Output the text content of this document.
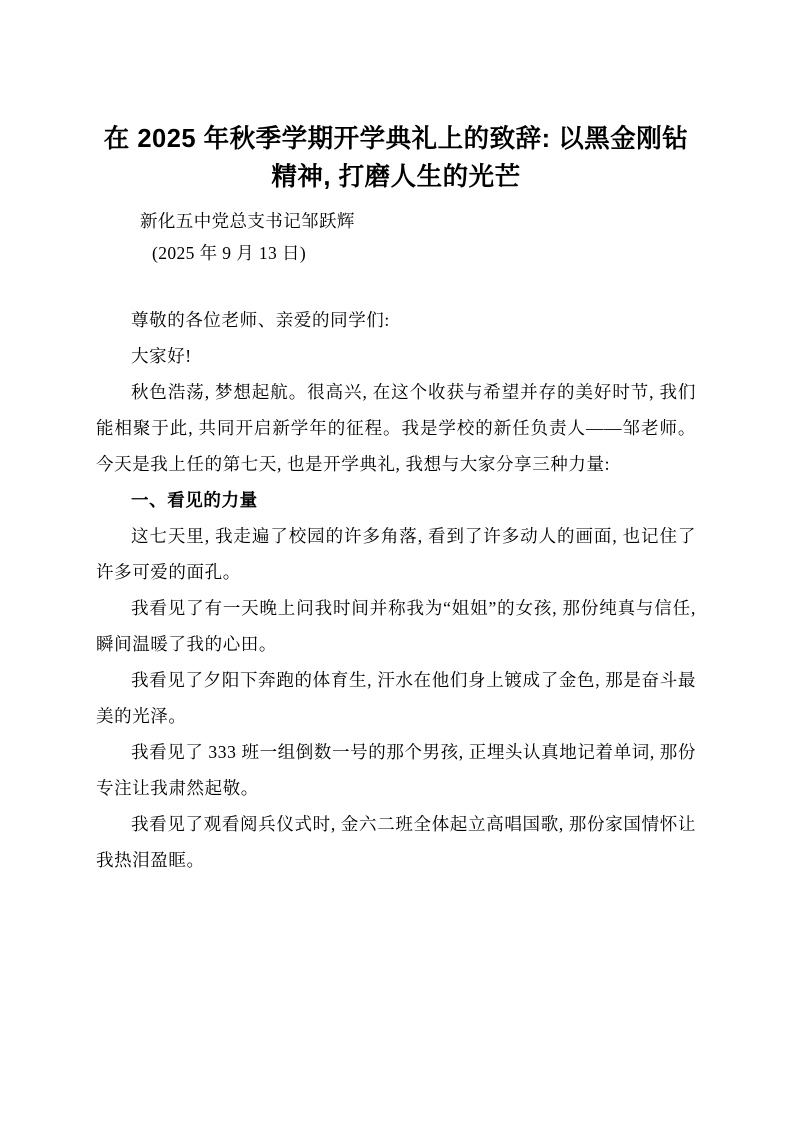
在 2025 年秋季学期开学典礼上的致辞: 以黑金刚钻精神, 打磨人生的光芒
新化五中党总支书记邹跃辉
(2025 年 9 月 13 日)

尊敬的各位老师、亲爱的同学们:

大家好!

秋色浩荡, 梦想起航。很高兴, 在这个收获与希望并存的美好时节, 我们能相聚于此, 共同开启新学年的征程。我是学校的新任负责人——邹老师。今天是我上任的第七天, 也是开学典礼, 我想与大家分享三种力量:

一、看见的力量

这七天里, 我走遍了校园的许多角落, 看到了许多动人的画面, 也记住了许多可爱的面孔。

我看见了有一天晚上问我时间并称我为“姐姐”的女孩, 那份纯真与信任, 瞬间温暖了我的心田。

我看见了夕阳下奔跑的体育生, 汗水在他们身上镀成了金色, 那是奋斗最美的光泽。

我看见了 333 班一组倒数一号的那个男孩, 正埋头认真地记着单词, 那份专注让我肃然起敬。

我看见了观看阅兵仪式时, 金六二班全体起立高唱国歌, 那份家国情怀让我热泪盈眶。
